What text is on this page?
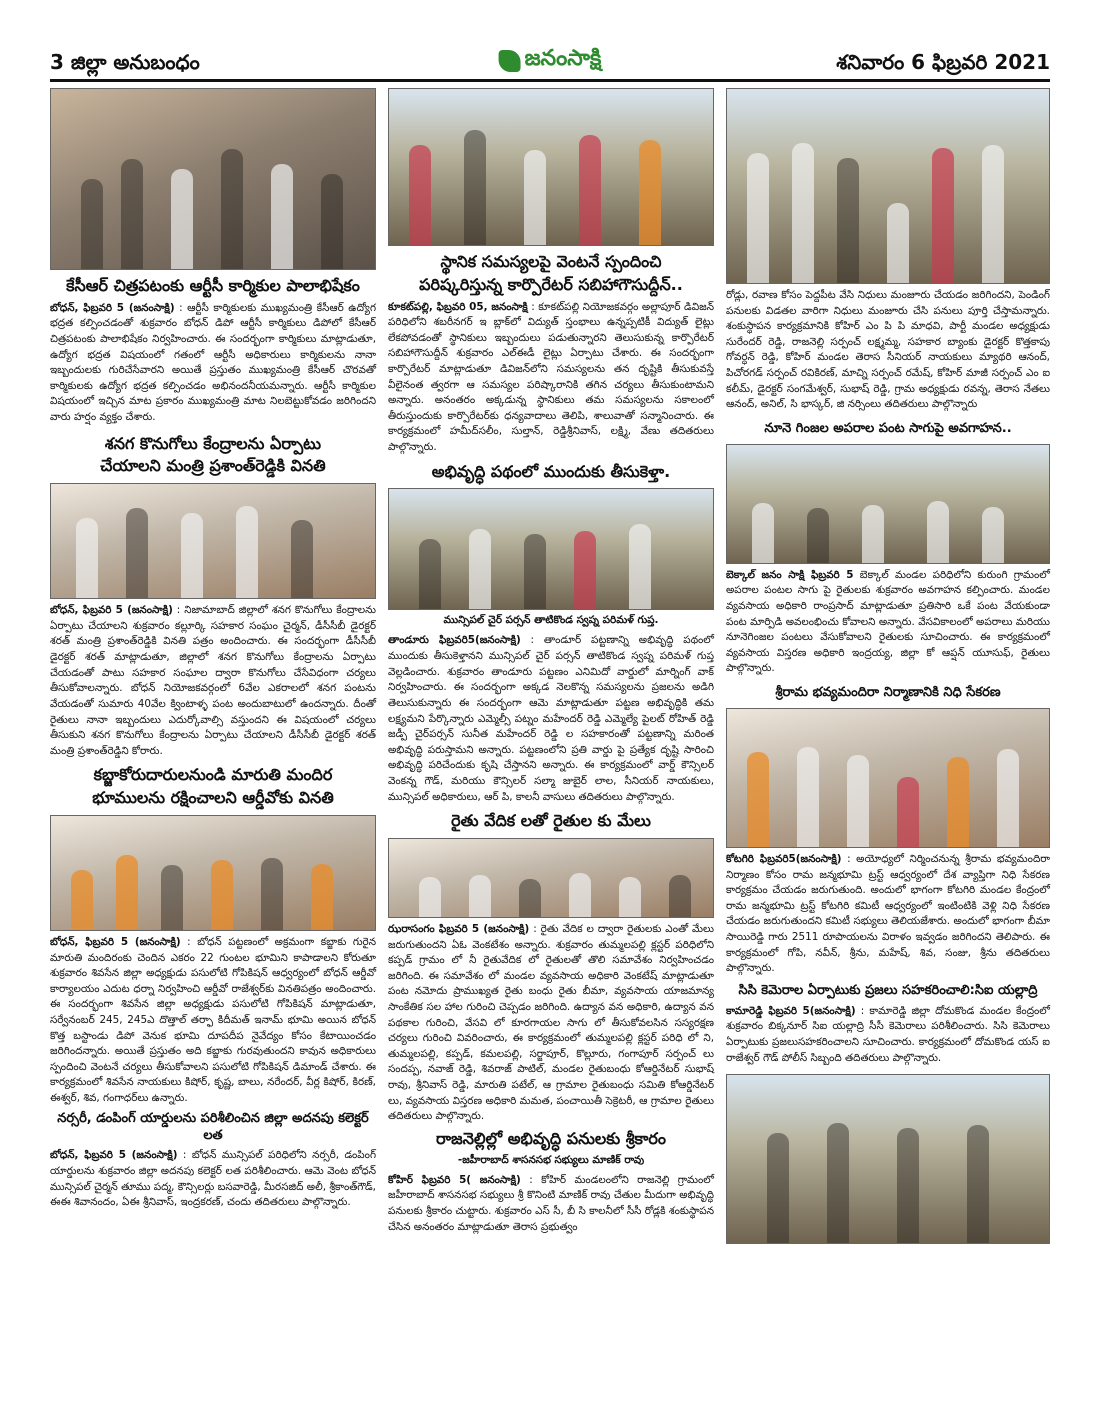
3 జిల్లా అనుబంధం	జనంసాక్షి	శనివారం 6 ఫిబ్రవరి 2021
కేసీఆర్ చిత్రపటంకు ఆర్టీసీ కార్మికుల పాలాభిషేకం
బోధన్, ఫిబ్రవరి 5 (జనంసాక్షి) : ఆర్టీసీ కార్మికులకు ముఖ్యమంత్రి కేసీఆర్ ఉద్యోగ భద్రత కల్పించడంతో శుక్రవారం బోధన్ డిపో ఆర్టీసీ కార్మికులు డిపోలో కేసీఆర్ చిత్రపటంకు పాలాభిషేకం నిర్వహించారు. ఈ సందర్భంగా కార్మికులు మాట్లాడుతూ, ఉద్యోగ భద్రత విషయంలో గతంలో ఆర్టీసీ అధికారులు కార్మికులను నానా ఇబ్బందులకు గురిచేసేవారని అయితే ప్రస్తుతం ముఖ్యమంత్రి కేసీఆర్ చొరవతో కార్మికులకు ఉద్యోగ భద్రత కల్పించడం అభినందనీయమన్నారు. ఆర్టీసీ కార్మికుల విషయంలో ఇచ్చిన మాట ప్రకారం ముఖ్యమంత్రి మాట నిలబెట్టుకోవడం జరిగిందని వారు హర్షం వ్యక్తం చేశారు.
శనగ కొనుగోలు కేంద్రాలను ఏర్పాటు
చేయాలని మంత్రి ప్రశాంత్‌రెడ్డికి వినతి
బోధన్, ఫిబ్రవరి 5 (జనంసాక్షి) : నిజామాబాద్ జిల్లాలో శనగ కొనుగోలు కేంద్రాలను ఏర్పాటు చేయాలని శుక్రవారం కల్లూర్కి సహకార సంఘం చైర్మన్, డీసీసీబీ డైరక్టర్ శరత్ మంత్రి ప్రశాంత్‌రెడ్డికి వినతి పత్రం అందించారు. ఈ సందర్భంగా డీసీసీబీ డైరక్టర్ శరత్ మాట్లాడుతూ, జిల్లాలో శనగ కొనుగోలు కేంద్రాలను ఏర్పాటు చేయడంతో పాటు సహకార సంఘాల ద్వారా కొనుగోలు చేసేవిధంగా చర్యలు తీసుకోవాలన్నారు. బోధన్ నియోజకవర్గంలో 6వేల ఎకరాలలో శనగ పంటను వేయడంతో సుమారు 40వేల క్వింటాళ్ళ పంట అందుబాటులో ఉందన్నారు. దీంతో రైతులు నానా ఇబ్బందులు ఎదుర్కోవాల్సి వస్తుందని ఈ విషయంలో చర్యలు తీసుకుని శనగ కొనుగోలు కేంద్రాలను ఏర్పాటు చేయాలని డీసీసీబీ డైరక్టర్ శరత్ మంత్రి ప్రశాంత్‌రెడ్డిని కోరారు.
కబ్జాకోరుదారులనుండి మారుతి మందిర
భూములను రక్షించాలని ఆర్డీవోకు వినతి
బోధన్, ఫిబ్రవరి 5 (జనంసాక్షి) : బోధన్ పట్టణంలో అక్రమంగా కబ్జాకు గురైన మారుతి మందిరంకు చెందిన ఎకరం 22 గుంటల భూమిని కాపాడాలని కోరుతూ శుక్రవారం శివసేన జిల్లా అధ్యక్షుడు పసులోటి గోపికిషన్ ఆధ్వర్యంలో బోధన్ ఆర్డీవో కార్యాలయం ఎదుట ధర్నా నిర్వహించి ఆర్డీవో రాజేశ్వర్‌కు వినతిపత్రం అందించారు. ఈ సందర్భంగా శివసేన జిల్లా అధ్యక్షుడు పసులోటి గోపికిషన్ మాట్లాడుతూ, సర్వేనంబర్ 245, 245ఎ దొత్తాల్ తర్ఫా కిదీమత్ ఇనామ్ భూమి అయిన బోధన్ కొత్త బస్టాండు డిపో వెనుక భూమి దూపదీప నైవేద్యం కోసం కేటాయించడం జరిగిందన్నారు. అయితే ప్రస్తుతం అది కబ్జాకు గురవుతుందని కావున అధికారులు స్పందించి వెంటనే చర్యలు తీసుకోవాలని పసులోటి గోపికిషన్ డిమాండ్ చేశారు. ఈ కార్యక్రమంలో శివసేన నాయకులు కిషోర్, కృష్ణ, బాలు, నరేందర్, వీర్ల కిషోర్, కిరణ్, ఈశ్వర్, శివ, గంగాధర్‌లు ఉన్నారు.
నర్సరీ, డంపింగ్ యార్డులను పరిశీలించిన జిల్లా అదనపు కలెక్టర్ లత
బోధన్, ఫిబ్రవరి 5 (జనంసాక్షి) : బోధన్ మున్సిపల్ పరిధిలోని నర్సరీ, డంపింగ్ యార్డులను శుక్రవారం జిల్లా అదనపు కలెక్టర్ లత పరిశీలించారు. ఆమె వెంట బోధన్ మున్సిపల్ చైర్మన్ తూము పద్మ, కౌన్సిలర్లు బసవారెడ్డి, మీరసజిద్ అలీ, శ్రీకాంత్‌గౌడ్, ఈఈ శివానందం, ఏఈ శ్రీనివాస్, ఇంద్రకరణ్, చందు తదితరులు పాల్గొన్నారు.
స్థానిక సమస్యలపై వెంటనే స్పందించి
పరిష్కరిస్తున్న కార్పొరేటర్ సబిహాగౌసుద్దీన్..
కూకట్‌పల్లి, ఫిబ్రవరి 05, జనంసాక్షి : కూకట్‌పల్లి నియోజకవర్గం అల్లాపూర్ డివిజన్ పరిధిలోని శబరీనగర్ ఇ బ్లాక్‌లో విద్యుత్ స్తంభాలు ఉన్నప్పటికీ విద్యుత్ లైట్లు లేకపోవడంతో స్థానికులు ఇబ్బందులు పడుతున్నారని తెలుసుకున్న కార్పొరేటర్ సబిహాగౌసుద్దీన్ శుక్రవారం ఎల్ఈడీ లైట్లు ఏర్పాటు చేశారు. ఈ సందర్భంగా కార్పొరేటర్ మాట్లాడుతూ డివిజన్‌లోని సమస్యలను తన దృష్టికి తీసుకువస్తే వీలైనంత త్వరగా ఆ సమస్యల పరిష్కారానికి తగిన చర్యలు తీసుకుంటామని అన్నారు. అనంతరం అక్కడున్న స్థానికులు తమ సమస్యలను సకాలంలో తీరుస్తుందుకు కార్పొరేటర్‌కు ధన్యవాదాలు తెలిపి, శాలువాతో సన్మానించారు. ఈ కార్యక్రమంలో హమీద్‌సలీం, సుల్తాన్, రెడ్డిశ్రీనివాస్, లక్ష్మి, వేణు తదితరులు పాల్గొన్నారు.
అభివృద్ధి పథంలో ముందుకు తీసుకెళ్తా.
మున్సిపల్ చైర్ పర్సన్ తాటికొండ స్వప్న పరిమళ్ గుప్త.
తాండూరు ఫిబ్రవరి5(జనంసాక్షి) : తాండూర్ పట్టణాన్ని అభివృద్ధి పథంలో ముందుకు తీసుకెళ్తానని మున్సిపల్ చైర్ పర్సన్ తాటికొండ స్వప్న పరిమళ్ గుప్త వెల్లడించారు. శుక్రవారం తాండూరు పట్టణం ఎనిమిదో వార్డులో మార్నింగ్ వాక్ నిర్వహించారు. ఈ సందర్భంగా అక్కడ నెలకొన్న సమస్యలను ప్రజలను అడిగి తెలుసుకున్నారు ఈ సందర్భంగా ఆమె మాట్లాడుతూ పట్టణ అభివృద్ధికి తమ లక్ష్యమని పేర్కొన్నారు ఎమ్మెల్సీ పట్నం మహేందర్ రెడ్డి ఎమ్మెల్యే పైలట్ రోహిత్ రెడ్డి జడ్పీ చైర్‌పర్సన్ సునీత మహేందర్ రెడ్డి ల సహకారంతో పట్టణాన్ని మరింత అభివృద్ధి పరుస్తామని అన్నారు. పట్టణంలోని ప్రతి వార్డు పై ప్రత్యేక దృష్టి సారించి అభివృద్ధి పరిచేందుకు కృషి చేస్తానని అన్నారు. ఈ కార్యక్రమంలో వార్డ్ కౌన్సిలర్ వెంకన్న గౌడ్, మరియు కౌన్సిలర్ సల్మా జుబైర్ లాల, సీనియర్ నాయకులు, మున్సిపల్ అధికారులు, ఆర్ పి, కాలనీ వాసులు తదితరులు పాల్గొన్నారు.
రైతు వేదిక లతో రైతుల కు మేలు
ఝరాసంగం ఫిబ్రవరి 5 (జనంసాక్షి) : రైతు వేదిక ల ద్వారా రైతులకు ఎంతో మేలు జరుగుతుందని ఏఓ వెంకటేశం అన్నారు. శుక్రవారం తుమ్మలపల్లి క్లస్టర్ పరిధిలోని కప్పడ్ గ్రామం లో నీ రైతువేదిక లో రైతులతో తొలి సమావేశం నిర్వహించడం జరిగింది. ఈ సమావేశం లో మండల వ్యవసాయ అధికారి వెంకటేష్ మాట్లాడుతూ పంట నమోదు ప్రాముఖ్యత రైతు బంధు రైతు బీమా, వ్యవసాయ యాజమాన్య సాంకేతిక సల హాల గురించి చెప్పడం జరిగింది. ఉద్యాన వన అధికారి, ఉద్యాన వన పథకాల గురించి, వేసవి లో కూరగాయల సాగు లో తీసుకోవలసిన సస్యరక్షణ చర్యలు గురించి వివరించారు, ఈ కార్యక్రమంలో తుమ్మలపల్లి క్లస్టర్ పరిధి లో ని, తుమ్మలపల్లి, కప్పడ్, కమలపల్లి, సర్జాపూర్, కొల్లూరు, గంగాపూర్ సర్పంచ్ లు సందప్ప, నవాజ్ రెడ్డి, శివరాజ్ పాటిల్, మండల రైతుబంధు కోఆర్డినేటర్ సుభాష్ రావు, శ్రీనివాస్ రెడ్డి, మారుతి పటేల్, ఆ గ్రామాల రైతుబంధు సమితి కోఆర్డినేటర్ లు, వ్యవసాయ విస్తరణ అధికారి మమత, పంచాయితీ సెక్రెటరీ, ఆ గ్రామాల రైతులు తదితరులు పాల్గొన్నారు.
రాజనెల్లిల్లో అభివృద్ధి పనులకు శ్రీకారం
-జహీరాబాద్ శాసనసభ సభ్యులు మాణిక్ రావు
కోహిర్ ఫిబ్రవరి 5( జనంసాక్షి) : కోహిర్ మండలంలోని రాజనెల్లి గ్రామంలో జహీరాబాద్ శాసనసభ సభ్యులు శ్రీ కొనింటి మాణిక్ రావు చేతుల మీదుగా అభివృద్ధి పనులకు శ్రీకారం చుట్టారు. శుక్రవారం ఎస్ సీ, బీ సి కాలనీలో సీసీ రోడ్లకి శంకుస్థాపన చేసిన అనంతరం మాట్లాడుతూ తెరాస ప్రభుత్వం
రోడ్లు, రవాణ కోసం పెద్దపీట వేసి నిధులు మంజూరు చేయడం జరిగిందని, పెండింగ్ పనులకు విడతల వారిగా నిధులు మంజూరు చేసి పనులు పూర్తి చేస్తామన్నారు. శంకుస్థాపన కార్యక్రమానికి కోహిర్ ఎం పి పి మాధవి, పార్టీ మండల అధ్యక్షుడు సురేందర్ రెడ్డి, రాజనెల్లి సర్పంచ్ లక్ష్మమ్మ, సహకార బ్యాంకు డైరక్టర్ కొత్తకాపు గోవర్ధన్ రెడ్డి, కోహిర్ మండల తెరాస సీనియర్ నాయకులు మ్యాథరి ఆనంద్, పిచోరగడ్ సర్పంచ్ రవికిరణ్, మాచ్ని సర్పంచ్ రమేష్, కోహిర్ మాజీ సర్పంచ్ ఎం ఐ కలీమ్, డైరక్టర్ సంగమేశ్వర్, సుభాష్ రెడ్డి, గ్రామ అధ్యక్షుడు రవన్న, తెరాస నేతలు ఆనంద్, అనిల్, సి భాస్కర్, జి నర్సింలు తదితరులు పాల్గొన్నారు
నూనె గింజల అపరాల పంట సాగుపై అవగాహన..
బెక్కాల్ జనం సాక్షి ఫిబ్రవరి 5 బెక్కాల్ మండల పరిధిలోని కురుంగి గ్రామంలో అపరాల పంటల సాగు పై రైతులకు శుక్రవారం అవగాహన కల్పించారు. మండల వ్యవసాయ అధికారి రాంప్రసాద్ మాట్లాడుతూ ప్రతిసారి ఒకే పంట వేయకుండా పంట మార్పిడి అవలంభించు కోవాలని అన్నారు. వేసవికాలంలో అపరాలు మరియు నూనెగింజల పంటలు వేసుకోవాలని రైతులకు సూచించారు. ఈ కార్యక్రమంలో వ్యవసాయ విస్తరణ అధికారి ఇంద్రయ్య, జిల్లా కో ఆప్షన్ యూసుఫ్, రైతులు పాల్గొన్నారు.
శ్రీరామ భవ్యమందిరా నిర్మాణానికి నిధి సేకరణ
కోటగిరి ఫిబ్రవరి5(జనంసాక్షి) : అయోధ్యలో నిర్మించనున్న శ్రీరామ భవ్యమందిరా నిర్మాణం కోసం రామ జన్మభూమి ట్రస్ట్ ఆధ్వర్యంలో దేశ వ్యాప్తిగా నిధి సేకరణ కార్యక్రమం చేయడం జరుగుతుంది. అందులో భాగంగా కోటగిరి మండల కేంద్రంలో రామ జన్మభూమి ట్రస్ట్ కోటగిరి కమిటీ ఆధ్వర్యంలో ఇంటింటికి వెళ్లి నిధి సేకరణ చేయడం జరుగుతుందని కమిటీ సభ్యులు తెలియజేశారు. అందులో భాగంగా బీమా సాయిరెడ్డి గారు 2511 రూపాయలను విరాళం ఇవ్వడం జరిగిందని తెలిపారు. ఈ కార్యక్రమంలో గోపి, నవీన్, శ్రీను, మహేష్, శివ, సంజు, శ్రీను తదితరులు పాల్గొన్నారు.
సిసి కెమెరాల ఏర్పాటుకు ప్రజలు సహకరించాలి:సిఐ యల్లాద్రి
కామారెడ్డి ఫిబ్రవరి 5(జనంసాక్షి) : కామారెడ్డి జిల్లా దోమకొండ మండల కేంద్రంలో శుక్రవారం బిక్కనూర్ సిఐ యల్లాద్రి సీసీ కెమెరాలు పరిశీలించారు. సిసి కెమెరాలు ఏర్పాటుకు ప్రజలుసహకరించాలని సూచించారు. కార్యక్రమంలో దోమకొండ యస్ ఐ రాజేశ్వర్ గౌడ్ పోలీస్ సిబ్బంది తదితరులు పాల్గొన్నారు.
